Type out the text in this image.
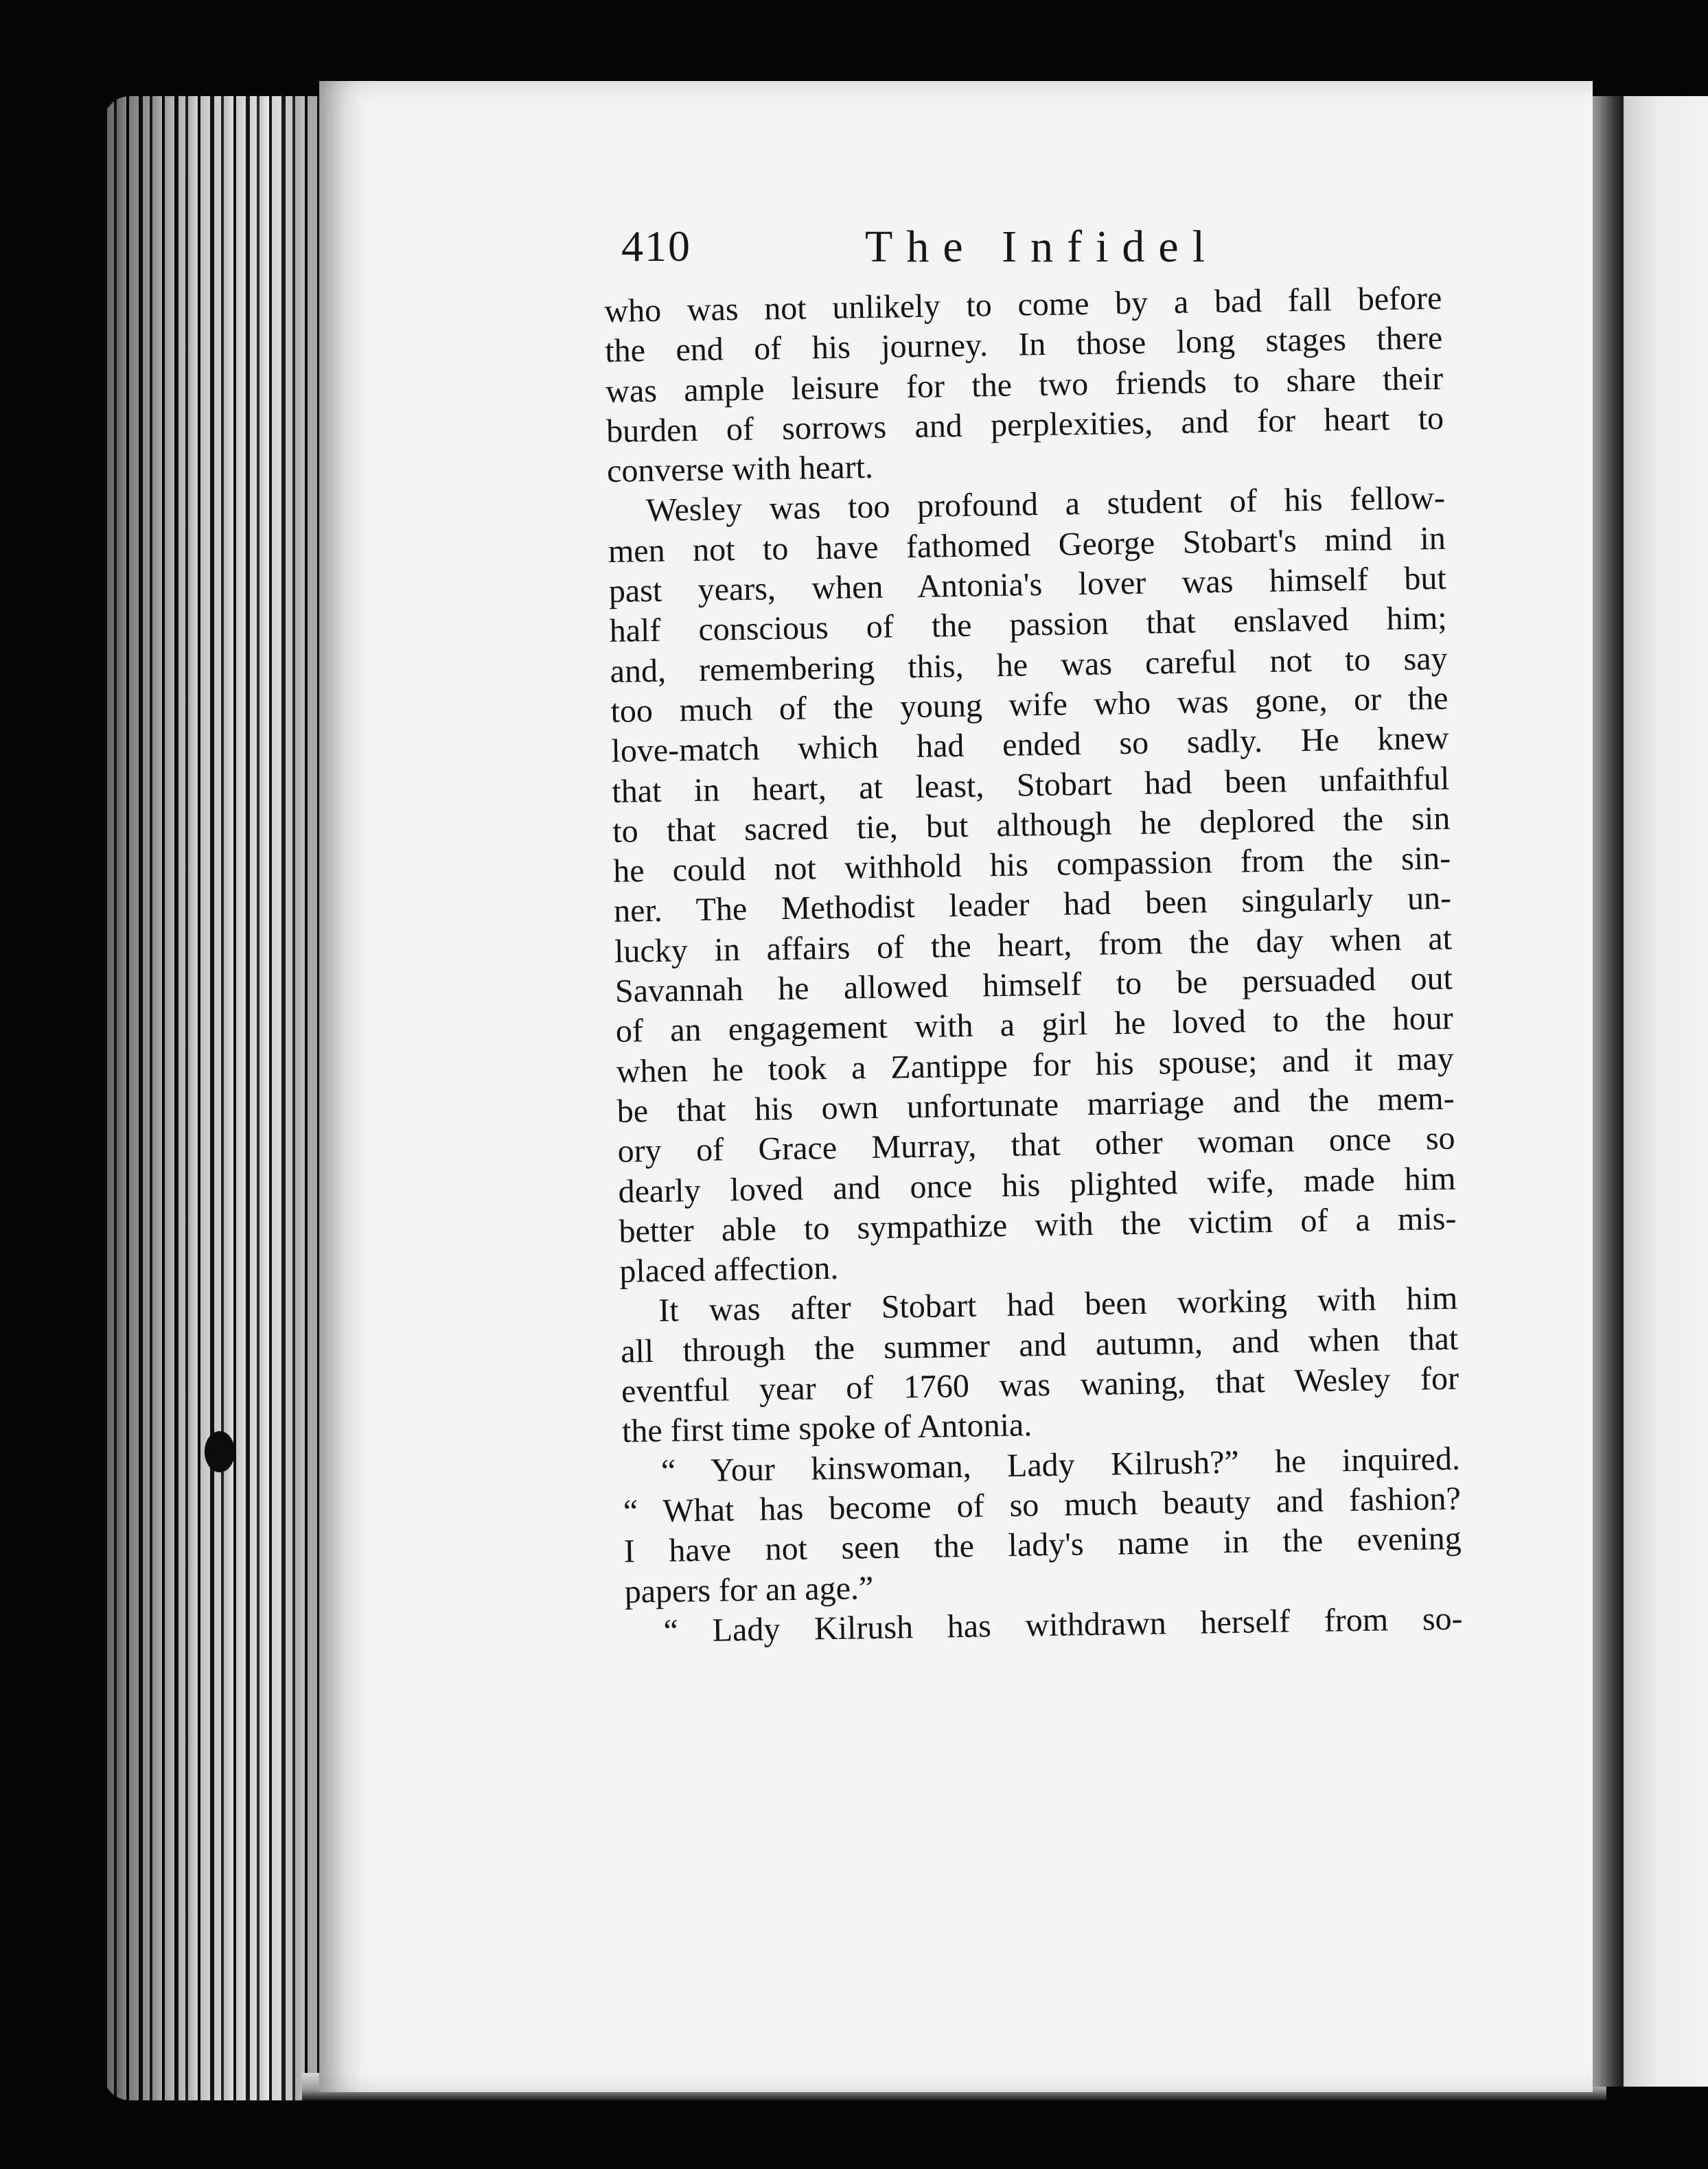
410	The Infidel
who was not unlikely to come by a bad fall before
the end of his journey. In those long stages there
was ample leisure for the two friends to share their
burden of sorrows and perplexities, and for heart to
converse with heart.
Wesley was too profound a student of his fellow-
men not to have fathomed George Stobart's mind in
past years, when Antonia's lover was himself but
half conscious of the passion that enslaved him;
and, remembering this, he was careful not to say
too much of the young wife who was gone, or the
love-match which had ended so sadly. He knew
that in heart, at least, Stobart had been unfaithful
to that sacred tie, but although he deplored the sin
he could not withhold his compassion from the sin-
ner. The Methodist leader had been singularly un-
lucky in affairs of the heart, from the day when at
Savannah he allowed himself to be persuaded out
of an engagement with a girl he loved to the hour
when he took a Zantippe for his spouse; and it may
be that his own unfortunate marriage and the mem-
ory of Grace Murray, that other woman once so
dearly loved and once his plighted wife, made him
better able to sympathize with the victim of a mis-
placed affection.
It was after Stobart had been working with him
all through the summer and autumn, and when that
eventful year of 1760 was waning, that Wesley for
the first time spoke of Antonia.
“ Your kinswoman, Lady Kilrush?” he inquired.
“ What has become of so much beauty and fashion?
I have not seen the lady's name in the evening
papers for an age.”
“ Lady Kilrush has withdrawn herself from so-
